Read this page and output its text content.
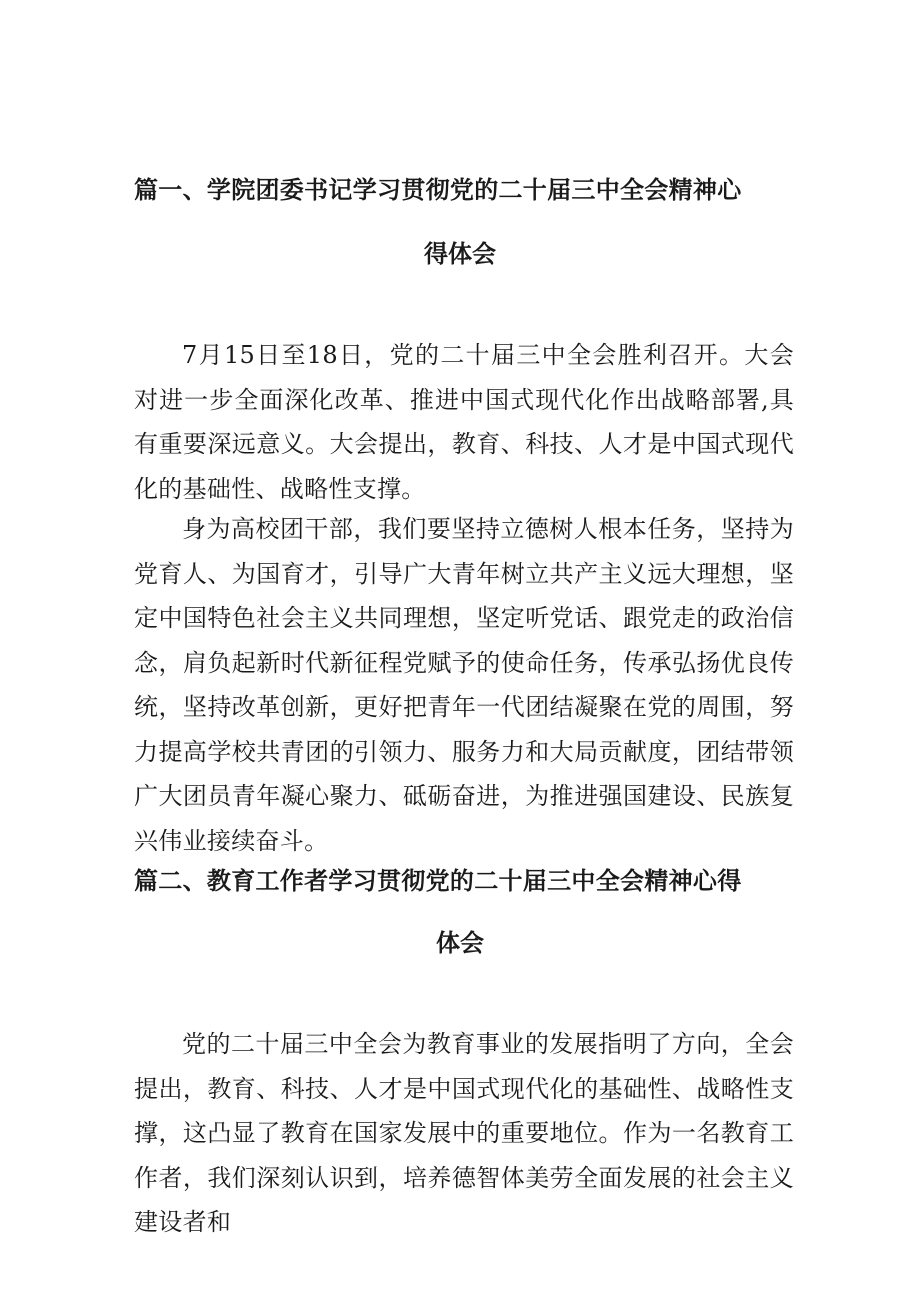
篇一、学院团委书记学习贯彻党的二十届三中全会精神心
得体会
7月15日至18日，党的二十届三中全会胜利召开。大会对进一步全面深化改革、推进中国式现代化作出战略部署,具有重要深远意义。大会提出，教育、科技、人才是中国式现代化的基础性、战略性支撑。
身为高校团干部，我们要坚持立德树人根本任务，坚持为党育人、为国育才，引导广大青年树立共产主义远大理想，坚定中国特色社会主义共同理想，坚定听党话、跟党走的政治信念，肩负起新时代新征程党赋予的使命任务，传承弘扬优良传统，坚持改革创新，更好把青年一代团结凝聚在党的周围，努力提高学校共青团的引领力、服务力和大局贡献度，团结带领广大团员青年凝心聚力、砥砺奋进，为推进强国建设、民族复兴伟业接续奋斗。
篇二、教育工作者学习贯彻党的二十届三中全会精神心得
体会
党的二十届三中全会为教育事业的发展指明了方向，全会提出，教育、科技、人才是中国式现代化的基础性、战略性支撑，这凸显了教育在国家发展中的重要地位。作为一名教育工作者，我们深刻认识到，培养德智体美劳全面发展的社会主义建设者和
